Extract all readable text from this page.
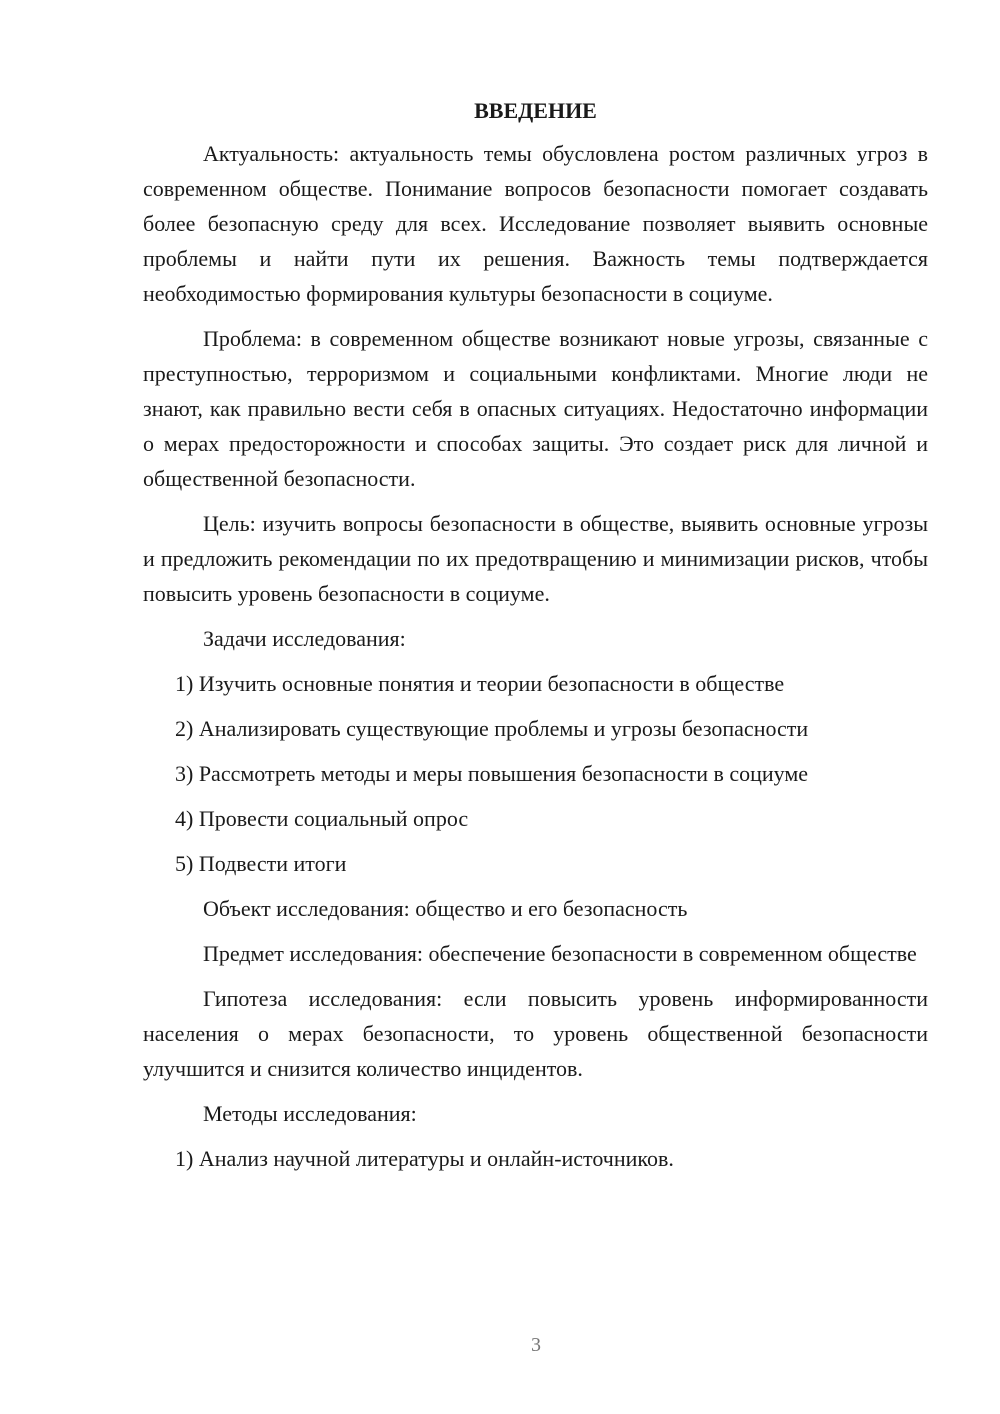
ВВЕДЕНИЕ

Актуальность: актуальность темы обусловлена ростом различных угроз в современном обществе. Понимание вопросов безопасности помогает создавать более безопасную среду для всех. Исследование позволяет выявить основные проблемы и найти пути их решения. Важность темы подтверждается необходимостью формирования культуры безопасности в социуме.

Проблема: в современном обществе возникают новые угрозы, связанные с преступностью, терроризмом и социальными конфликтами. Многие люди не знают, как правильно вести себя в опасных ситуациях. Недостаточно информации о мерах предосторожности и способах защиты. Это создает риск для личной и общественной безопасности.

Цель: изучить вопросы безопасности в обществе, выявить основные угрозы и предложить рекомендации по их предотвращению и минимизации рисков, чтобы повысить уровень безопасности в социуме.

Задачи исследования:

1) Изучить основные понятия и теории безопасности в обществе

2) Анализировать существующие проблемы и угрозы безопасности

3) Рассмотреть методы и меры повышения безопасности в социуме

4) Провести социальный опрос

5) Подвести итоги

Объект исследования: общество и его безопасность

Предмет исследования: обеспечение безопасности в современном обществе

Гипотеза исследования: если повысить уровень информированности населения о мерах безопасности, то уровень общественной безопасности улучшится и снизится количество инцидентов.

Методы исследования:

1) Анализ научной литературы и онлайн-источников.

3
